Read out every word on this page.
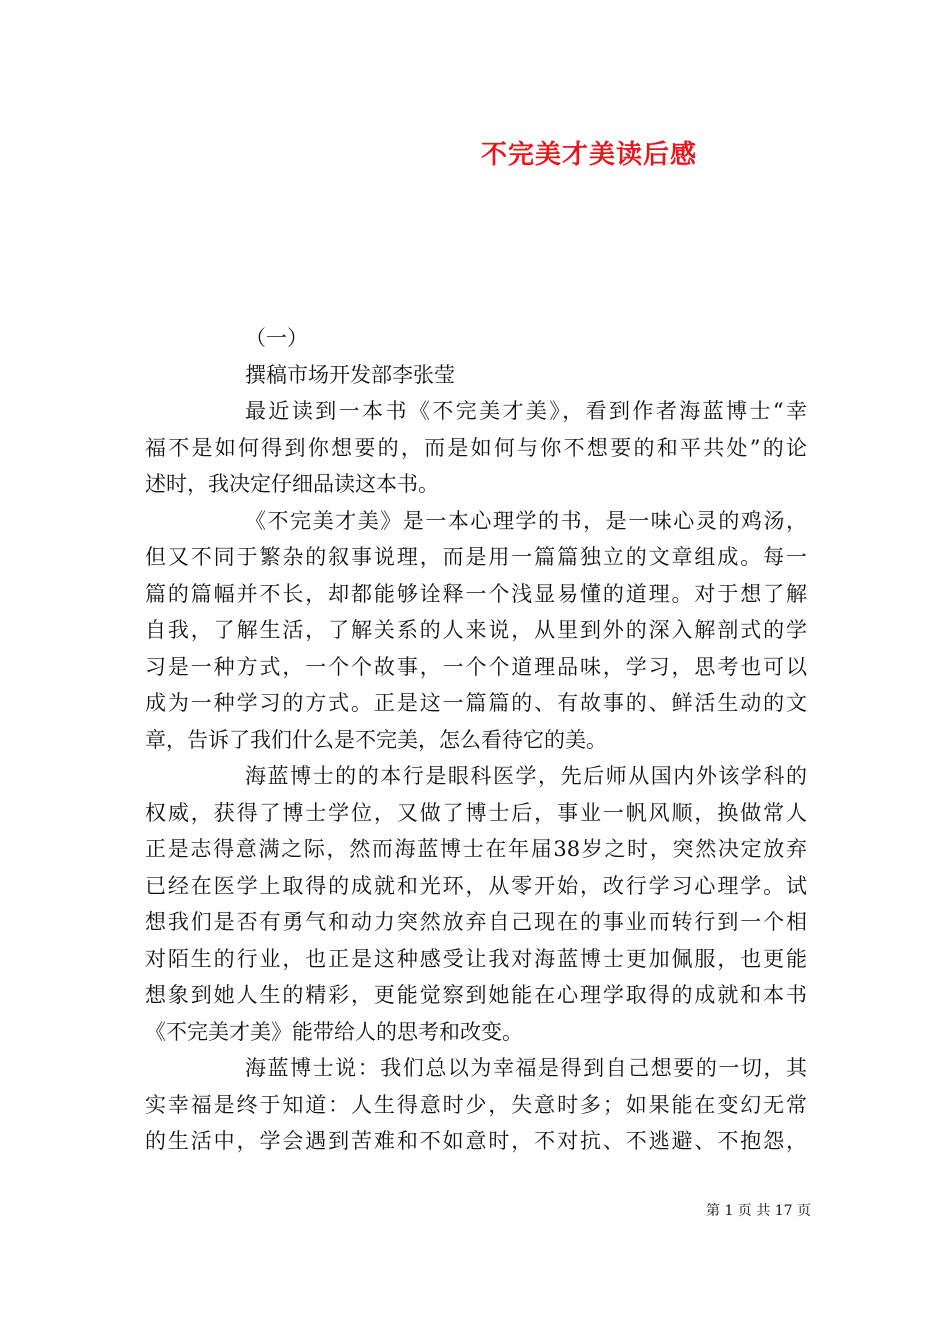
不完美才美读后感
（一）
撰稿市场开发部李张莹
最近读到一本书《不完美才美》，看到作者海蓝博士“幸
福不是如何得到你想要的，而是如何与你不想要的和平共处”的论
述时，我决定仔细品读这本书。
《不完美才美》是一本心理学的书，是一味心灵的鸡汤，
但又不同于繁杂的叙事说理，而是用一篇篇独立的文章组成。每一
篇的篇幅并不长，却都能够诠释一个浅显易懂的道理。对于想了解
自我，了解生活，了解关系的人来说，从里到外的深入解剖式的学
习是一种方式，一个个故事，一个个道理品味，学习，思考也可以
成为一种学习的方式。正是这一篇篇的、有故事的、鲜活生动的文
章，告诉了我们什么是不完美，怎么看待它的美。
海蓝博士的的本行是眼科医学，先后师从国内外该学科的
权威，获得了博士学位，又做了博士后，事业一帆风顺，换做常人
正是志得意满之际，然而海蓝博士在年届38岁之时，突然决定放弃
已经在医学上取得的成就和光环，从零开始，改行学习心理学。试
想我们是否有勇气和动力突然放弃自己现在的事业而转行到一个相
对陌生的行业，也正是这种感受让我对海蓝博士更加佩服，也更能
想象到她人生的精彩，更能觉察到她能在心理学取得的成就和本书
《不完美才美》能带给人的思考和改变。
海蓝博士说：我们总以为幸福是得到自己想要的一切，其
实幸福是终于知道：人生得意时少，失意时多；如果能在变幻无常
的生活中，学会遇到苦难和不如意时，不对抗、不逃避、不抱怨，
第 1 页 共 17 页
